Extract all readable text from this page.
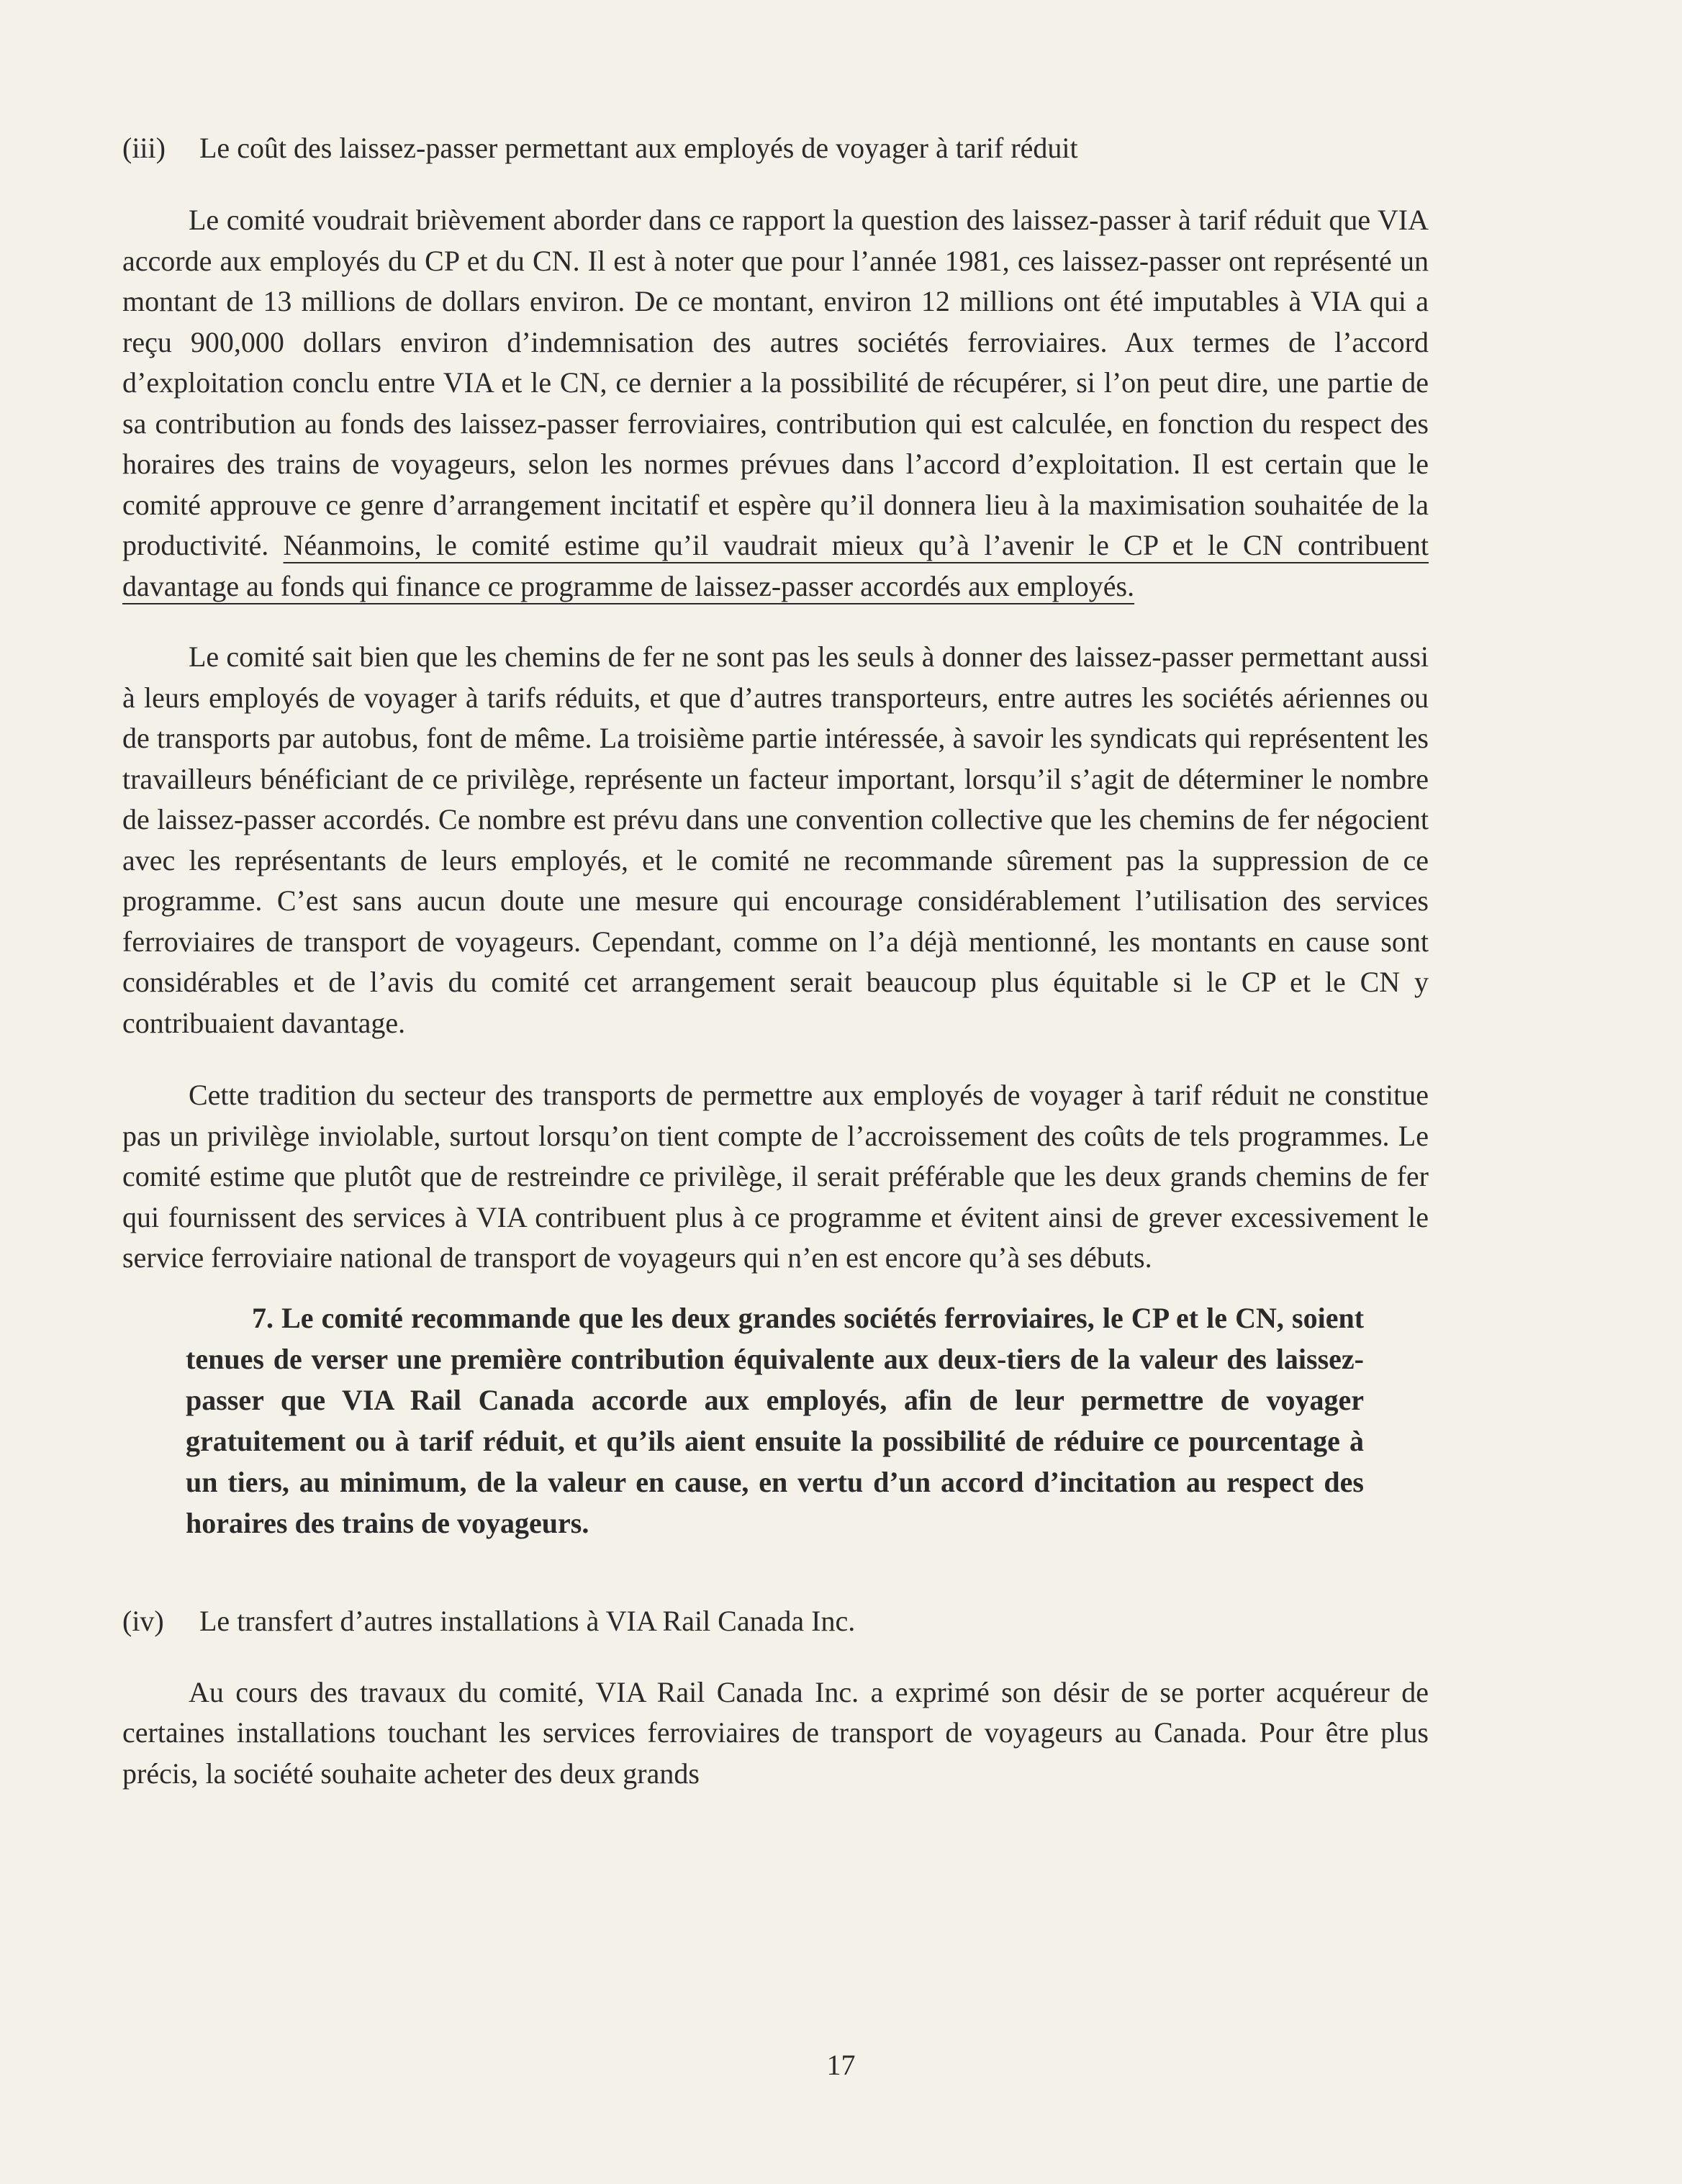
(iii)	Le coût des laissez-passer permettant aux employés de voyager à tarif réduit

Le comité voudrait brièvement aborder dans ce rapport la question des laissez-passer à tarif réduit que VIA accorde aux employés du CP et du CN. Il est à noter que pour l’année 1981, ces laissez-passer ont représenté un montant de 13 millions de dollars environ. De ce montant, environ 12 millions ont été imputables à VIA qui a reçu 900,000 dollars environ d’indemnisation des autres sociétés ferroviaires. Aux termes de l’accord d’exploitation conclu entre VIA et le CN, ce dernier a la possibilité de récupérer, si l’on peut dire, une partie de sa contribution au fonds des laissez-passer ferroviaires, contribution qui est calculée, en fonction du respect des horaires des trains de voyageurs, selon les normes prévues dans l’accord d’exploitation. Il est certain que le comité approuve ce genre d’arrangement incitatif et espère qu’il donnera lieu à la maximisation souhaitée de la productivité. Néanmoins, le comité estime qu’il vaudrait mieux qu’à l’avenir le CP et le CN contribuent davantage au fonds qui finance ce programme de laissez-passer accordés aux employés.

Le comité sait bien que les chemins de fer ne sont pas les seuls à donner des laissez-passer permettant aussi à leurs employés de voyager à tarifs réduits, et que d’autres transporteurs, entre autres les sociétés aériennes ou de transports par autobus, font de même. La troisième partie intéressée, à savoir les syndicats qui représentent les travailleurs bénéficiant de ce privilège, représente un facteur important, lorsqu’il s’agit de déterminer le nombre de laissez-passer accordés. Ce nombre est prévu dans une convention collective que les chemins de fer négocient avec les représentants de leurs employés, et le comité ne recommande sûrement pas la suppression de ce programme. C’est sans aucun doute une mesure qui encourage considérablement l’utilisation des services ferroviaires de transport de voyageurs. Cependant, comme on l’a déjà mentionné, les montants en cause sont considérables et de l’avis du comité cet arrangement serait beaucoup plus équitable si le CP et le CN y contribuaient davantage.

Cette tradition du secteur des transports de permettre aux employés de voyager à tarif réduit ne constitue pas un privilège inviolable, surtout lorsqu’on tient compte de l’accroissement des coûts de tels programmes. Le comité estime que plutôt que de restreindre ce privilège, il serait préférable que les deux grands chemins de fer qui fournissent des services à VIA contribuent plus à ce programme et évitent ainsi de grever excessivement le service ferroviaire national de transport de voyageurs qui n’en est encore qu’à ses débuts.

7. Le comité recommande que les deux grandes sociétés ferroviaires, le CP et le CN, soient tenues de verser une première contribution équivalente aux deux-tiers de la valeur des laissez-passer que VIA Rail Canada accorde aux employés, afin de leur permettre de voyager gratuitement ou à tarif réduit, et qu’ils aient ensuite la possibilité de réduire ce pourcentage à un tiers, au minimum, de la valeur en cause, en vertu d’un accord d’incitation au respect des horaires des trains de voyageurs.

(iv)	Le transfert d’autres installations à VIA Rail Canada Inc.

Au cours des travaux du comité, VIA Rail Canada Inc. a exprimé son désir de se porter acquéreur de certaines installations touchant les services ferroviaires de transport de voyageurs au Canada. Pour être plus précis, la société souhaite acheter des deux grands

17
